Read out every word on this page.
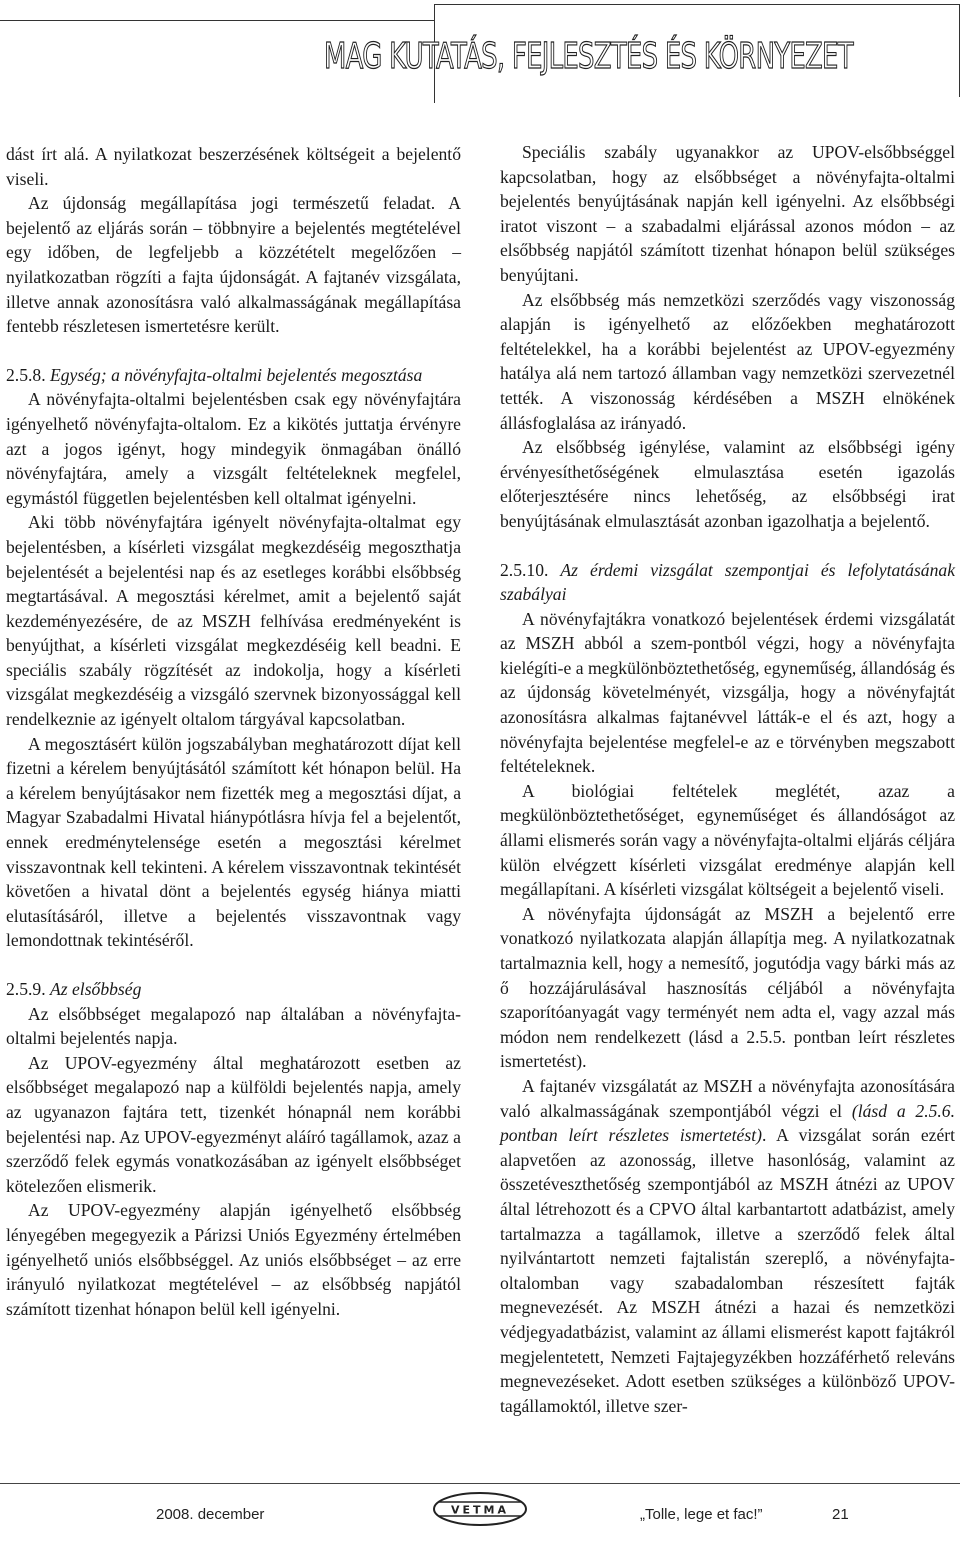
MAG KUTATÁS, FEJLESZTÉS ÉS KÖRNYEZET

dást írt alá. A nyilatkozat beszerzésének költségeit a bejelentő viseli.

Az újdonság megállapítása jogi természetű feladat. A bejelentő az eljárás során – többnyire a bejelentés megtételével egy időben, de legfeljebb a közzétételt megelőzően – nyilatkozatban rögzíti a fajta újdonságát. A fajtanév vizsgálata, illetve annak azonosításra való alkalmasságának megállapítása fentebb részletesen ismertetésre került.

2.5.8. Egység; a növényfajta-oltalmi bejelentés megosztása

A növényfajta-oltalmi bejelentésben csak egy növényfajtára igényelhető növényfajta-oltalom. Ez a kikötés juttatja érvényre azt a jogos igényt, hogy mindegyik önmagában önálló növényfajtára, amely a vizsgált feltételeknek megfelel, egymástól független bejelentésben kell oltalmat igényelni.

Aki több növényfajtára igényelt növényfajta-oltalmat egy bejelentésben, a kísérleti vizsgálat megkezdéséig megoszthatja bejelentését a bejelentési nap és az esetleges korábbi elsőbbség megtartásával. A megosztási kérelmet, amit a bejelentő saját kezdeményezésére, de az MSZH felhívása eredményeként is benyújthat, a kísérleti vizsgálat megkezdéséig kell beadni. E speciális szabály rögzítését az indokolja, hogy a kísérleti vizsgálat megkezdéséig a vizsgáló szervnek bizonyossággal kell rendelkeznie az igényelt oltalom tárgyával kapcsolatban.

A megosztásért külön jogszabályban meghatározott díjat kell fizetni a kérelem benyújtásától számított két hónapon belül. Ha a kérelem benyújtásakor nem fizették meg a megosztási díjat, a Magyar Szabadalmi Hivatal hiánypótlásra hívja fel a bejelentőt, ennek eredménytelensége esetén a megosztási kérelmet visszavontnak kell tekinteni. A kérelem visszavontnak tekintését követően a hivatal dönt a bejelentés egység hiánya miatti elutasításáról, illetve a bejelentés visszavontnak vagy lemondottnak tekintéséről.

2.5.9. Az elsőbbség

Az elsőbbséget megalapozó nap általában a növényfajta-oltalmi bejelentés napja.

Az UPOV-egyezmény által meghatározott esetben az elsőbbséget megalapozó nap a külföldi bejelentés napja, amely az ugyanazon fajtára tett, tizenkét hónapnál nem korábbi bejelentési nap. Az UPOV-egyezményt aláíró tagállamok, azaz a szerződő felek egymás vonatkozásában az igényelt elsőbbséget kötelezően elismerik.

Az UPOV-egyezmény alapján igényelhető elsőbbség lényegében megegyezik a Párizsi Uniós Egyezmény értelmében igényelhető uniós elsőbbséggel. Az uniós elsőbbséget – az erre irányuló nyilatkozat megtételével – az elsőbbség napjától számított tizenhat hónapon belül kell igényelni.

Speciális szabály ugyanakkor az UPOV-elsőbbséggel kapcsolatban, hogy az elsőbbséget a növényfajta-oltalmi bejelentés benyújtásának napján kell igényelni. Az elsőbbségi iratot viszont – a szabadalmi eljárással azonos módon – az elsőbbség napjától számított tizenhat hónapon belül szükséges benyújtani.

Az elsőbbség más nemzetközi szerződés vagy viszonosság alapján is igényelhető az előzőekben meghatározott feltételekkel, ha a korábbi bejelentést az UPOV-egyezmény hatálya alá nem tartozó államban vagy nemzetközi szervezetnél tették. A viszonosság kérdésében a MSZH elnökének állásfoglalása az irányadó.

Az elsőbbség igénylése, valamint az elsőbbségi igény érvényesíthetőségének elmulasztása esetén igazolás előterjesztésére nincs lehetőség, az elsőbbségi irat benyújtásának elmulasztását azonban igazolhatja a bejelentő.

2.5.10. Az érdemi vizsgálat szempontjai és lefolytatásának szabályai

A növényfajtákra vonatkozó bejelentések érdemi vizsgálatát az MSZH abból a szem-pontból végzi, hogy a növényfajta kielégíti-e a megkülönböztethetőség, egyneműség, állandóság és az újdonság követelményét, vizsgálja, hogy a növényfajtát azonosításra alkalmas fajtanévvel látták-e el és azt, hogy a növényfajta bejelentése megfelel-e az e törvényben megszabott feltételeknek.

A biológiai feltételek meglétét, azaz a megkülönböztethetőséget, egyneműséget és állandóságot az állami elismerés során vagy a növényfajta-oltalmi eljárás céljára külön elvégzett kísérleti vizsgálat eredménye alapján kell megállapítani. A kísérleti vizsgálat költségeit a bejelentő viseli.

A növényfajta újdonságát az MSZH a bejelentő erre vonatkozó nyilatkozata alapján állapítja meg. A nyilatkozatnak tartalmaznia kell, hogy a nemesítő, jogutódja vagy bárki más az ő hozzájárulásával hasznosítás céljából a növényfajta szaporítóanyagát vagy terményét nem adta el, vagy azzal más módon nem rendelkezett (lásd a 2.5.5. pontban leírt részletes ismertetést).

A fajtanév vizsgálatát az MSZH a növényfajta azonosítására való alkalmasságának szempontjából végzi el (lásd a 2.5.6. pontban leírt részletes ismertetést). A vizsgálat során ezért alapvetően az azonosság, illetve hasonlóság, valamint az összetéveszthetőség szempontjából az MSZH átnézi az UPOV által létrehozott és a CPVO által karbantartott adatbázist, amely tartalmazza a tagállamok, illetve a szerződő felek által nyilvántartott nemzeti fajtalistán szereplő, a növényfajta-oltalomban vagy szabadalomban részesített fajták megnevezését. Az MSZH átnézi a hazai és nemzetközi védjegyadatbázist, valamint az állami elismerést kapott fajtákról megjelentetett, Nemzeti Fajtajegyzékben hozzáférhető releváns megnevezéseket. Adott esetben szükséges a különböző UPOV-tagállamoktól, illetve szer-

2008. december	VETMA	„Tolle, lege et fac!”	21
